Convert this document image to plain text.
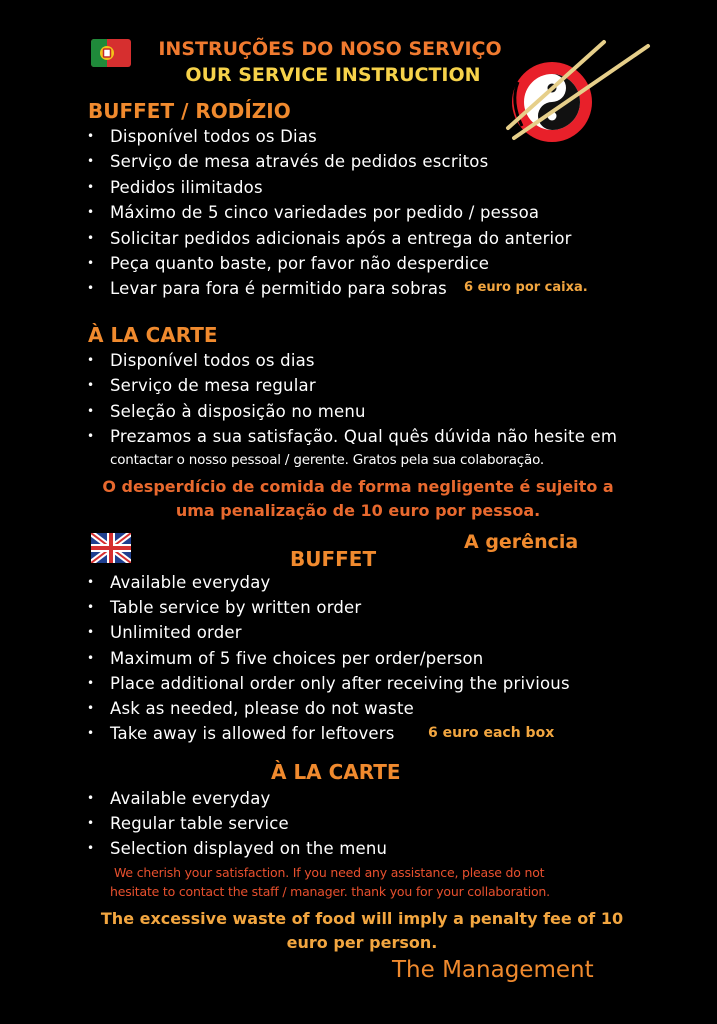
INSTRUÇÕES DO NOSO SERVIÇO
OUR SERVICE INSTRUCTION
BUFFET / RODÍZIO
• Disponível todos os Dias
• Serviço de mesa através de pedidos escritos
• Pedidos ilimitados
• Máximo de 5 cinco variedades por pedido / pessoa
• Solicitar pedidos adicionais após a entrega do anterior
• Peça quanto baste, por favor não desperdice
• Levar para fora é permitido para sobras	6 euro por caixa.
À LA CARTE
• Disponível todos os dias
• Serviço de mesa regular
• Seleção à disposição no menu
• Prezamos a sua satisfação. Qual quês dúvida não hesite em
contactar o nosso pessoal / gerente. Gratos pela sua colaboração.
O desperdício de comida de forma negligente é sujeito a
uma penalização de 10 euro por pessoa.
A gerência
BUFFET
• Available everyday
• Table service by written order
• Unlimited order
• Maximum of 5 five choices per order/person
• Place additional order only after receiving the privious
• Ask as needed, please do not waste
• Take away is allowed for leftovers	6 euro each box
À LA CARTE
• Available everyday
• Regular table service
• Selection displayed on the menu
We cherish your satisfaction. If you need any assistance, please do not
hesitate to contact the staff / manager. thank you for your collaboration.
The excessive waste of food will imply a penalty fee of 10
euro per person.
The Management
